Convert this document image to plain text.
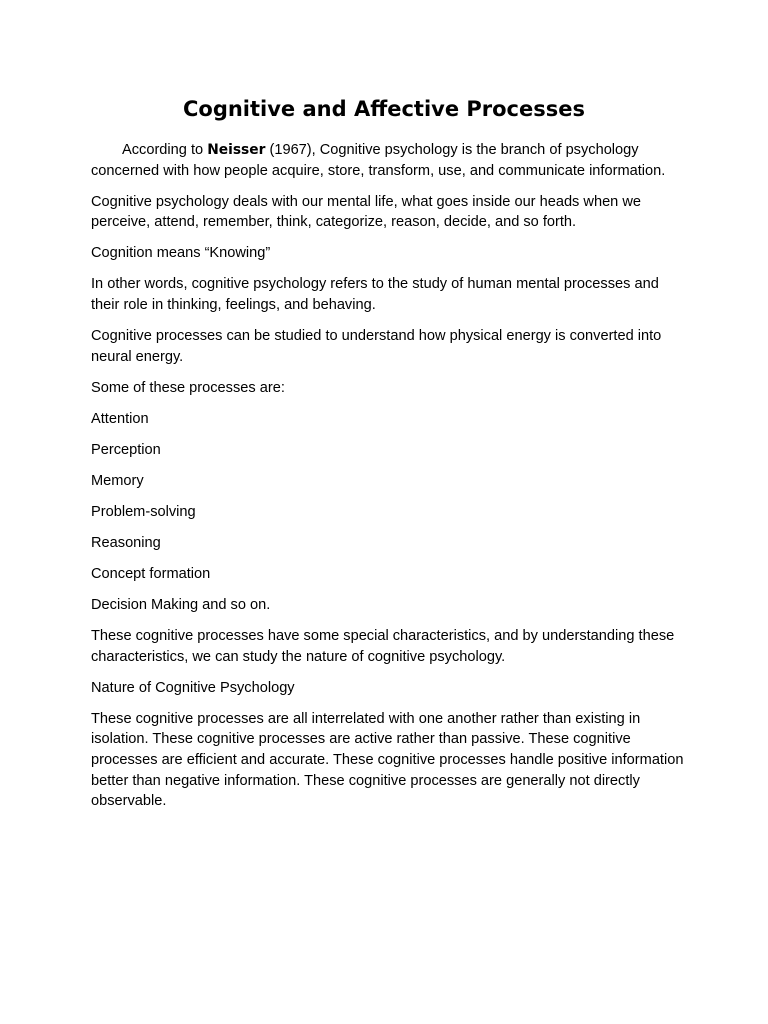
Cognitive and Affective Processes

According to Neisser (1967), Cognitive psychology is the branch of psychology concerned with how people acquire, store, transform, use, and communicate information.

Cognitive psychology deals with our mental life, what goes inside our heads when we perceive, attend, remember, think, categorize, reason, decide, and so forth.

Cognition means “Knowing”

In other words, cognitive psychology refers to the study of human mental processes and their role in thinking, feelings, and behaving.

Cognitive processes can be studied to understand how physical energy is converted into neural energy.

Some of these processes are:

Attention

Perception

Memory

Problem-solving

Reasoning

Concept formation

Decision Making and so on.

These cognitive processes have some special characteristics, and by understanding these characteristics, we can study the nature of cognitive psychology.

Nature of Cognitive Psychology

These cognitive processes are all interrelated with one another rather than existing in isolation. These cognitive processes are active rather than passive. These cognitive processes are efficient and accurate. These cognitive processes handle positive information better than negative information. These cognitive processes are generally not directly observable.
